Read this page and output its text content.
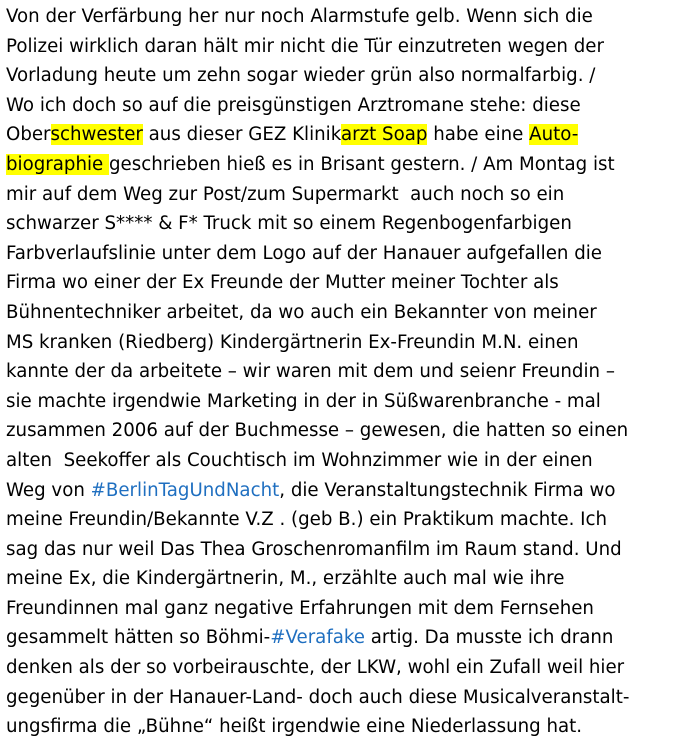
Von der Verfärbung her nur noch Alarmstufe gelb. Wenn sich die
Polizei wirklich daran hält mir nicht die Tür einzutreten wegen der
Vorladung heute um zehn sogar wieder grün also normalfarbig. /
Wo ich doch so auf die preisgünstigen Arztromane stehe: diese
Oberschwester aus dieser GEZ Klinikarzt Soap habe eine Auto-
biographie geschrieben hieß es in Brisant gestern. / Am Montag ist
mir auf dem Weg zur Post/zum Supermarkt  auch noch so ein
schwarzer S**** & F* Truck mit so einem Regenbogenfarbigen
Farbverlaufslinie unter dem Logo auf der Hanauer aufgefallen die
Firma wo einer der Ex Freunde der Mutter meiner Tochter als
Bühnentechniker arbeitet, da wo auch ein Bekannter von meiner
MS kranken (Riedberg) Kindergärtnerin Ex-Freundin M.N. einen
kannte der da arbeitete – wir waren mit dem und seienr Freundin –
sie machte irgendwie Marketing in der in Süßwarenbranche - mal
zusammen 2006 auf der Buchmesse – gewesen, die hatten so einen
alten  Seekoffer als Couchtisch im Wohnzimmer wie in der einen
Weg von #BerlinTagUndNacht, die Veranstaltungstechnik Firma wo
meine Freundin/Bekannte V.Z . (geb B.) ein Praktikum machte. Ich
sag das nur weil Das Thea Groschenromanfilm im Raum stand. Und
meine Ex, die Kindergärtnerin, M., erzählte auch mal wie ihre
Freundinnen mal ganz negative Erfahrungen mit dem Fernsehen
gesammelt hätten so Böhmi-#Verafake artig. Da musste ich drann
denken als der so vorbeirauschte, der LKW, wohl ein Zufall weil hier
gegenüber in der Hanauer-Land- doch auch diese Musicalveranstalt-
ungsfirma die „Bühne“ heißt irgendwie eine Niederlassung hat.
